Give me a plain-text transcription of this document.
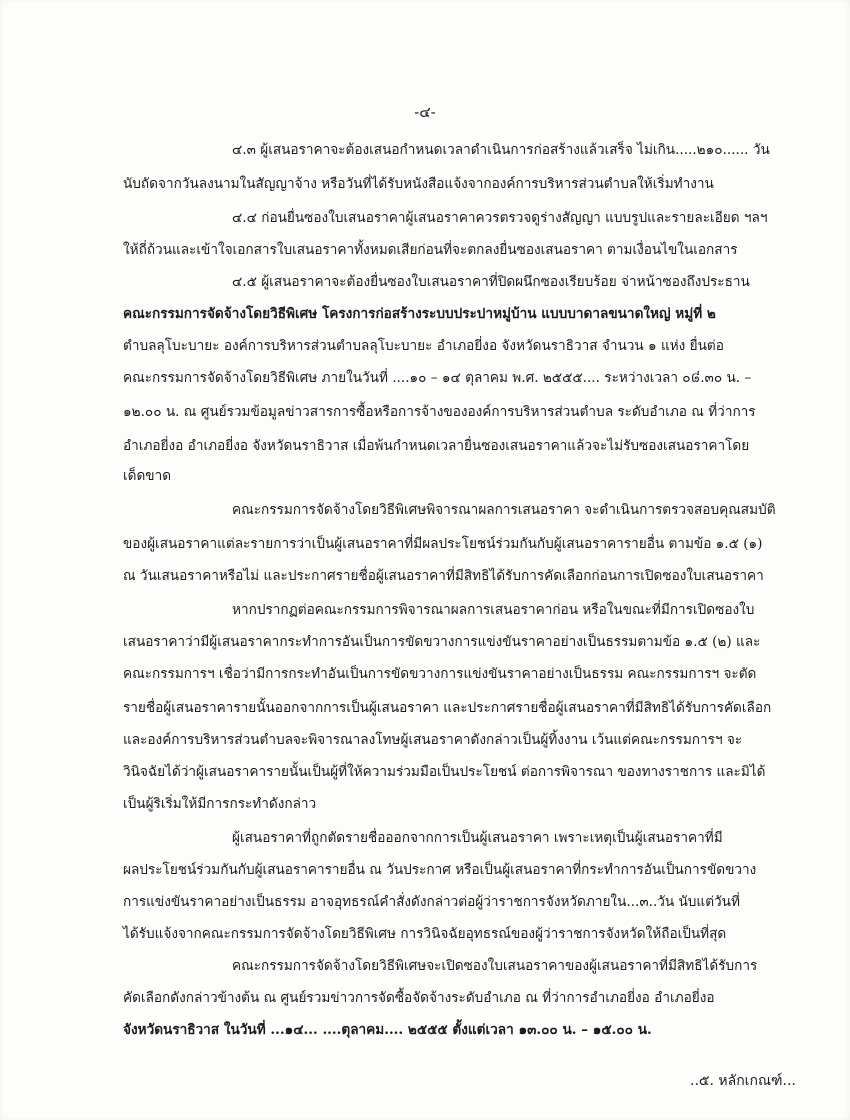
-๔-
๔.๓ ผู้เสนอราคาจะต้องเสนอกำหนดเวลาดำเนินการก่อสร้างแล้วเสร็จ ไม่เกิน.....๒๑๐...... วัน
นับถัดจากวันลงนามในสัญญาจ้าง หรือวันที่ได้รับหนังสือแจ้งจากองค์การบริหารส่วนตำบลให้เริ่มทำงาน
๔.๔ ก่อนยื่นซองใบเสนอราคาผู้เสนอราคาควรตรวจดูร่างสัญญา แบบรูปและรายละเอียด ฯลฯ
ให้ถี่ถ้วนและเข้าใจเอกสารใบเสนอราคาทั้งหมดเสียก่อนที่จะตกลงยื่นซองเสนอราคา ตามเงื่อนไขในเอกสาร
๔.๕ ผู้เสนอราคาจะต้องยื่นซองใบเสนอราคาที่ปิดผนึกซองเรียบร้อย จ่าหน้าซองถึงประธาน
คณะกรรมการจัดจ้างโดยวิธีพิเศษ โครงการก่อสร้างระบบประปาหมู่บ้าน แบบบาดาลขนาดใหญ่ หมู่ที่ ๒
ตำบลลุโบะบายะ องค์การบริหารส่วนตำบลลุโบะบายะ อำเภอยี่งอ จังหวัดนราธิวาส จำนวน ๑ แห่ง ยื่นต่อ
คณะกรรมการจัดจ้างโดยวิธีพิเศษ ภายในวันที่ ....๑๐ – ๑๔ ตุลาคม พ.ศ. ๒๕๕๕.... ระหว่างเวลา ๐៨.๓๐ น. –
๑๒.๐๐ น. ณ ศูนย์รวมข้อมูลข่าวสารการซื้อหรือการจ้างขององค์การบริหารส่วนตำบล ระดับอำเภอ ณ ที่ว่าการ
อำเภอยี่งอ อำเภอยี่งอ จังหวัดนราธิวาส เมื่อพ้นกำหนดเวลายื่นซองเสนอราคาแล้วจะไม่รับซองเสนอราคาโดย
เด็ดขาด
คณะกรรมการจัดจ้างโดยวิธีพิเศษพิจารณาผลการเสนอราคา จะดำเนินการตรวจสอบคุณสมบัติ
ของผู้เสนอราคาแต่ละรายการว่าเป็นผู้เสนอราคาที่มีผลประโยชน์ร่วมกันกับผู้เสนอราคารายอื่น ตามข้อ ๑.๕ (๑)
ณ วันเสนอราคาหรือไม่ และประกาศรายชื่อผู้เสนอราคาที่มีสิทธิได้รับการคัดเลือกก่อนการเปิดซองใบเสนอราคา
หากปรากฏต่อคณะกรรมการพิจารณาผลการเสนอราคาก่อน หรือในขณะที่มีการเปิดซองใบ
เสนอราคาว่ามีผู้เสนอราคากระทำการอันเป็นการขัดขวางการแข่งขันราคาอย่างเป็นธรรมตามข้อ ๑.๕ (๒) และ
คณะกรรมการฯ เชื่อว่ามีการกระทำอันเป็นการขัดขวางการแข่งขันราคาอย่างเป็นธรรม คณะกรรมการฯ จะตัด
รายชื่อผู้เสนอราคารายนั้นออกจากการเป็นผู้เสนอราคา และประกาศรายชื่อผู้เสนอราคาที่มีสิทธิได้รับการคัดเลือก
และองค์การบริหารส่วนตำบลจะพิจารณาลงโทษผู้เสนอราคาดังกล่าวเป็นผู้ทิ้งงาน เว้นแต่คณะกรรมการฯ จะ
วินิจฉัยได้ว่าผู้เสนอราคารายนั้นเป็นผู้ที่ให้ความร่วมมือเป็นประโยชน์ ต่อการพิจารณา ของทางราชการ และมิได้
เป็นผู้ริเริ่มให้มีการกระทำดังกล่าว
ผู้เสนอราคาที่ถูกตัดรายชื่อออกจากการเป็นผู้เสนอราคา เพราะเหตุเป็นผู้เสนอราคาที่มี
ผลประโยชน์ร่วมกันกับผู้เสนอราคารายอื่น ณ วันประกาศ หรือเป็นผู้เสนอราคาที่กระทำการอันเป็นการขัดขวาง
การแข่งขันราคาอย่างเป็นธรรม อาจอุทธรณ์คำสั่งดังกล่าวต่อผู้ว่าราชการจังหวัดภายใน...๓..วัน นับแต่วันที่
ได้รับแจ้งจากคณะกรรมการจัดจ้างโดยวิธีพิเศษ การวินิจฉัยอุทธรณ์ของผู้ว่าราชการจังหวัดให้ถือเป็นที่สุด
คณะกรรมการจัดจ้างโดยวิธีพิเศษจะเปิดซองใบเสนอราคาของผู้เสนอราคาที่มีสิทธิได้รับการ
คัดเลือกดังกล่าวข้างต้น ณ ศูนย์รวมข่าวการจัดซื้อจัดจ้างระดับอำเภอ ณ ที่ว่าการอำเภอยี่งอ อำเภอยี่งอ
จังหวัดนราธิวาส ในวันที่ ...๑๔... ....ตุลาคม.... ๒๕๕๕ ตั้งแต่เวลา ๑๓.๐๐ น. – ๑๕.๐๐ น.
..๕. หลักเกณฑ์...
